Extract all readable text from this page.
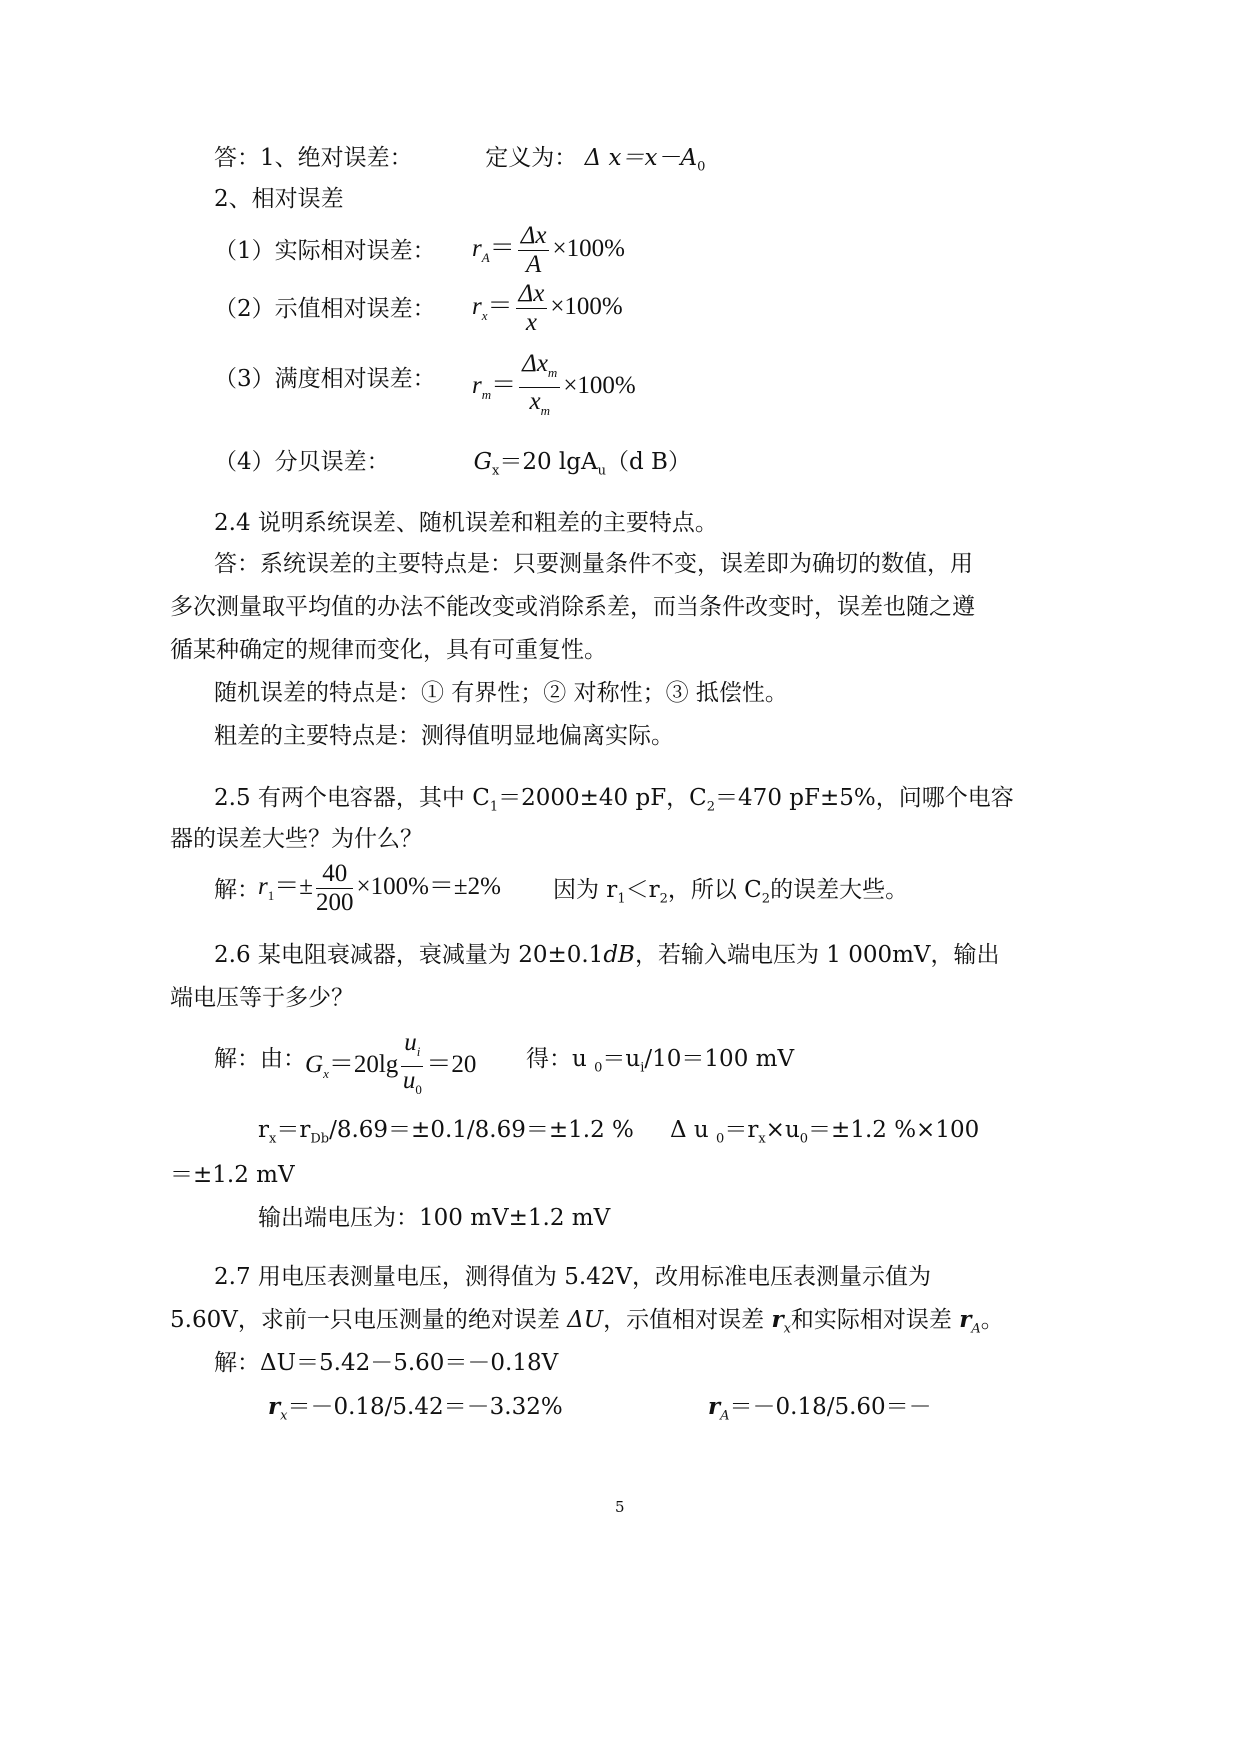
答：1、绝对误差：	定义为： Δ $x=x-A_0$
2、相对误差
（1）实际相对误差： $r_A= \frac{\Delta x}{A} \times 100\%$
（2）示值相对误差： $r_x= \frac{\Delta x}{x} \times 100\%$
（3）满度相对误差： $r_m= \frac{\Delta x_m}{x_m} \times 100\%$
（4）分贝误差：	$G_x=20$ lgA$_u$（d B）
2.4 说明系统误差、随机误差和粗差的主要特点。
答：系统误差的主要特点是：只要测量条件不变，误差即为确切的数值，用
多次测量取平均值的办法不能改变或消除系差，而当条件改变时，误差也随之遵
循某种确定的规律而变化，具有可重复性。
随机误差的特点是：① 有界性；② 对称性；③ 抵偿性。
粗差的主要特点是：测得值明显地偏离实际。
2.5 有两个电容器，其中 $C_1=2000\pm 40$ pF，$C_2=470$ pF±5%，问哪个电容
器的误差大些？为什么？
解：
$r_1=\pm \frac{40}{200} \times 100\%=\pm 2\%$ 因为 $r_1<r_2$，所以 $C_2$的误差大些。
2.6 某电阻衰减器，衰减量为 20±0.1dB，若输入端电压为 1 000mV，输出
端电压等于多少？
解：由： $G_x=20\lg \frac{u_i}{u_0} =20$ 得：u $_0=u_i/10=100$ mV
$r_x=r_{Db}/8.69=\pm 0.1/8.69=\pm 1.2$ % Δ u $_0=r_x\times u_0=\pm 1.2$ %×100
＝±1.2 mV
输出端电压为：100 mV±1.2 mV
2.7 用电压表测量电压，测得值为 5.42V，改用标准电压表测量示值为
5.60V，求前一只电压测量的绝对误差 ΔU，示值相对误差 $r_x$和实际相对误差 $r_A$。
解：ΔU＝5.42－5.60＝－0.18V
$r_x=-0.18/5.42=-3.32\%$	$r_A=-0.18/5.60=-$
5
